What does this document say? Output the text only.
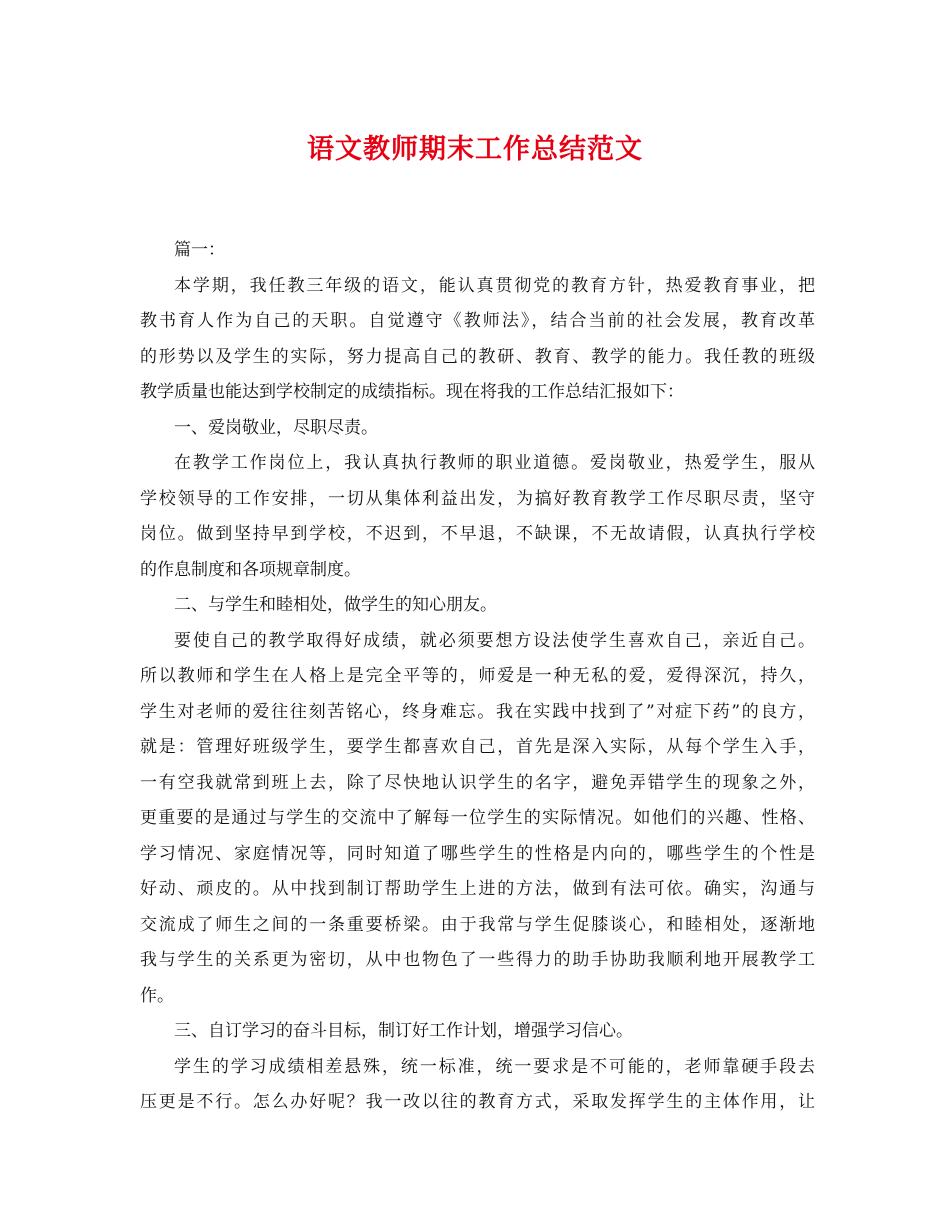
语文教师期末工作总结范文
篇一：
本学期，我任教三年级的语文，能认真贯彻党的教育方针，热爱教育事业，把
教书育人作为自己的天职。自觉遵守《教师法》，结合当前的社会发展，教育改革
的形势以及学生的实际，努力提高自己的教研、教育、教学的能力。我任教的班级
教学质量也能达到学校制定的成绩指标。现在将我的工作总结汇报如下：
一、爱岗敬业，尽职尽责。
在教学工作岗位上，我认真执行教师的职业道德。爱岗敬业，热爱学生，服从
学校领导的工作安排，一切从集体利益出发，为搞好教育教学工作尽职尽责，坚守
岗位。做到坚持早到学校，不迟到，不早退，不缺课，不无故请假，认真执行学校
的作息制度和各项规章制度。
二、与学生和睦相处，做学生的知心朋友。
要使自己的教学取得好成绩，就必须要想方设法使学生喜欢自己，亲近自己。
所以教师和学生在人格上是完全平等的，师爱是一种无私的爱，爱得深沉，持久，
学生对老师的爱往往刻苦铭心，终身难忘。我在实践中找到了”对症下药”的良方，
就是：管理好班级学生，要学生都喜欢自己，首先是深入实际，从每个学生入手，
一有空我就常到班上去，除了尽快地认识学生的名字，避免弄错学生的现象之外，
更重要的是通过与学生的交流中了解每一位学生的实际情况。如他们的兴趣、性格、
学习情况、家庭情况等，同时知道了哪些学生的性格是内向的，哪些学生的个性是
好动、顽皮的。从中找到制订帮助学生上进的方法，做到有法可依。确实，沟通与
交流成了师生之间的一条重要桥梁。由于我常与学生促膝谈心，和睦相处，逐渐地
我与学生的关系更为密切，从中也物色了一些得力的助手协助我顺利地开展教学工
作。
三、自订学习的奋斗目标，制订好工作计划，增强学习信心。
学生的学习成绩相差悬殊，统一标准，统一要求是不可能的，老师靠硬手段去
压更是不行。怎么办好呢？我一改以往的教育方式，采取发挥学生的主体作用，让
